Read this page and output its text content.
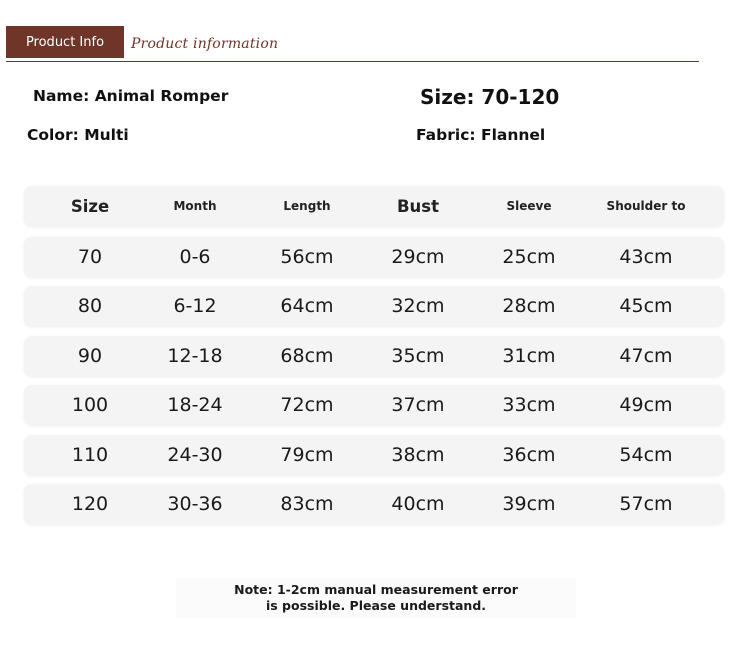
Product Info	Product information
Name: Animal Romper	Size: 70-120
Color: Multi	Fabric: Flannel
Size	Month	Length	Bust	Sleeve	Shoulder to
70	0-6	56cm	29cm	25cm	43cm
80	6-12	64cm	32cm	28cm	45cm
90	12-18	68cm	35cm	31cm	47cm
100	18-24	72cm	37cm	33cm	49cm
110	24-30	79cm	38cm	36cm	54cm
120	30-36	83cm	40cm	39cm	57cm
Note: 1-2cm manual measurement error
is possible. Please understand.
